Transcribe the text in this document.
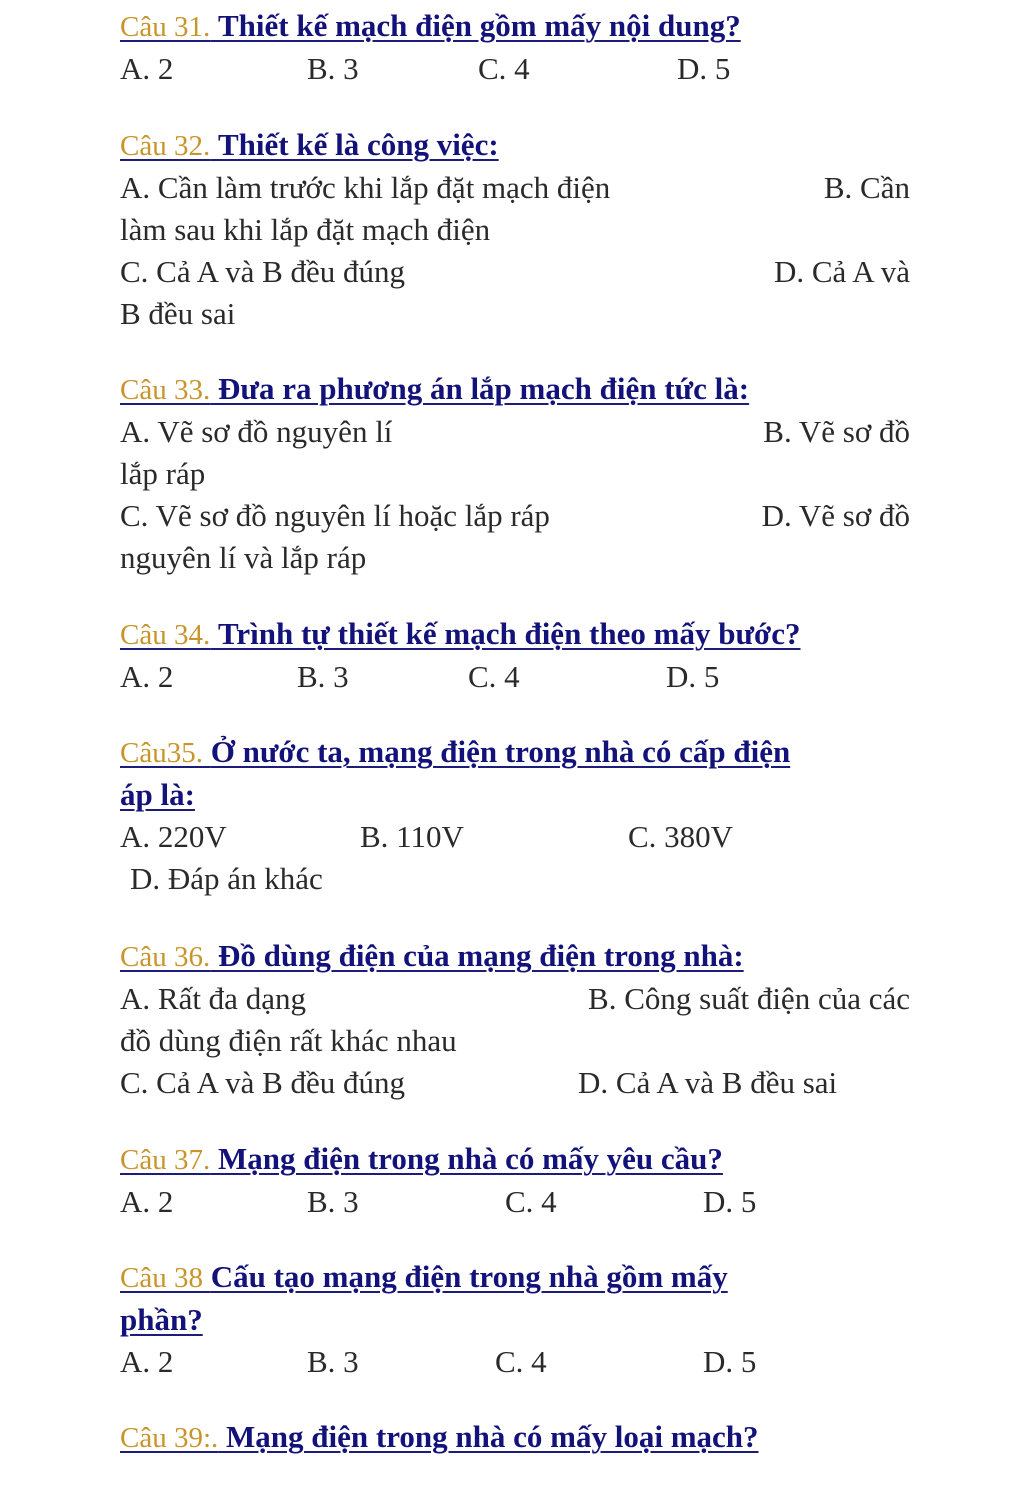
Câu 31. Thiết kế mạch điện gồm mấy nội dung?
A. 2	B. 3	C. 4	D. 5
Câu 32. Thiết kế là công việc:
A. Cần làm trước khi lắp đặt mạch điện	B. Cần
làm sau khi lắp đặt mạch điện
C. Cả A và B đều đúng	D. Cả A và
B đều sai
Câu 33. Đưa ra phương án lắp mạch điện tức là:
A. Vẽ sơ đồ nguyên lí	B. Vẽ sơ đồ
lắp ráp
C. Vẽ sơ đồ nguyên lí hoặc lắp ráp	D. Vẽ sơ đồ
nguyên lí và lắp ráp
Câu 34. Trình tự thiết kế mạch điện theo mấy bước?
A. 2	B. 3	C. 4	D. 5
Câu35. Ở nước ta, mạng điện trong nhà có cấp điện
áp là:
A. 220V	B. 110V	C. 380V
D. Đáp án khác
Câu 36. Đồ dùng điện của mạng điện trong nhà:
A. Rất đa dạng	B. Công suất điện của các
đồ dùng điện rất khác nhau
C. Cả A và B đều đúng	D. Cả A và B đều sai
Câu 37. Mạng điện trong nhà có mấy yêu cầu?
A. 2	B. 3	C. 4	D. 5
Câu 38 Cấu tạo mạng điện trong nhà gồm mấy
phần?
A. 2	B. 3	C. 4	D. 5
Câu 39:. Mạng điện trong nhà có mấy loại mạch?
